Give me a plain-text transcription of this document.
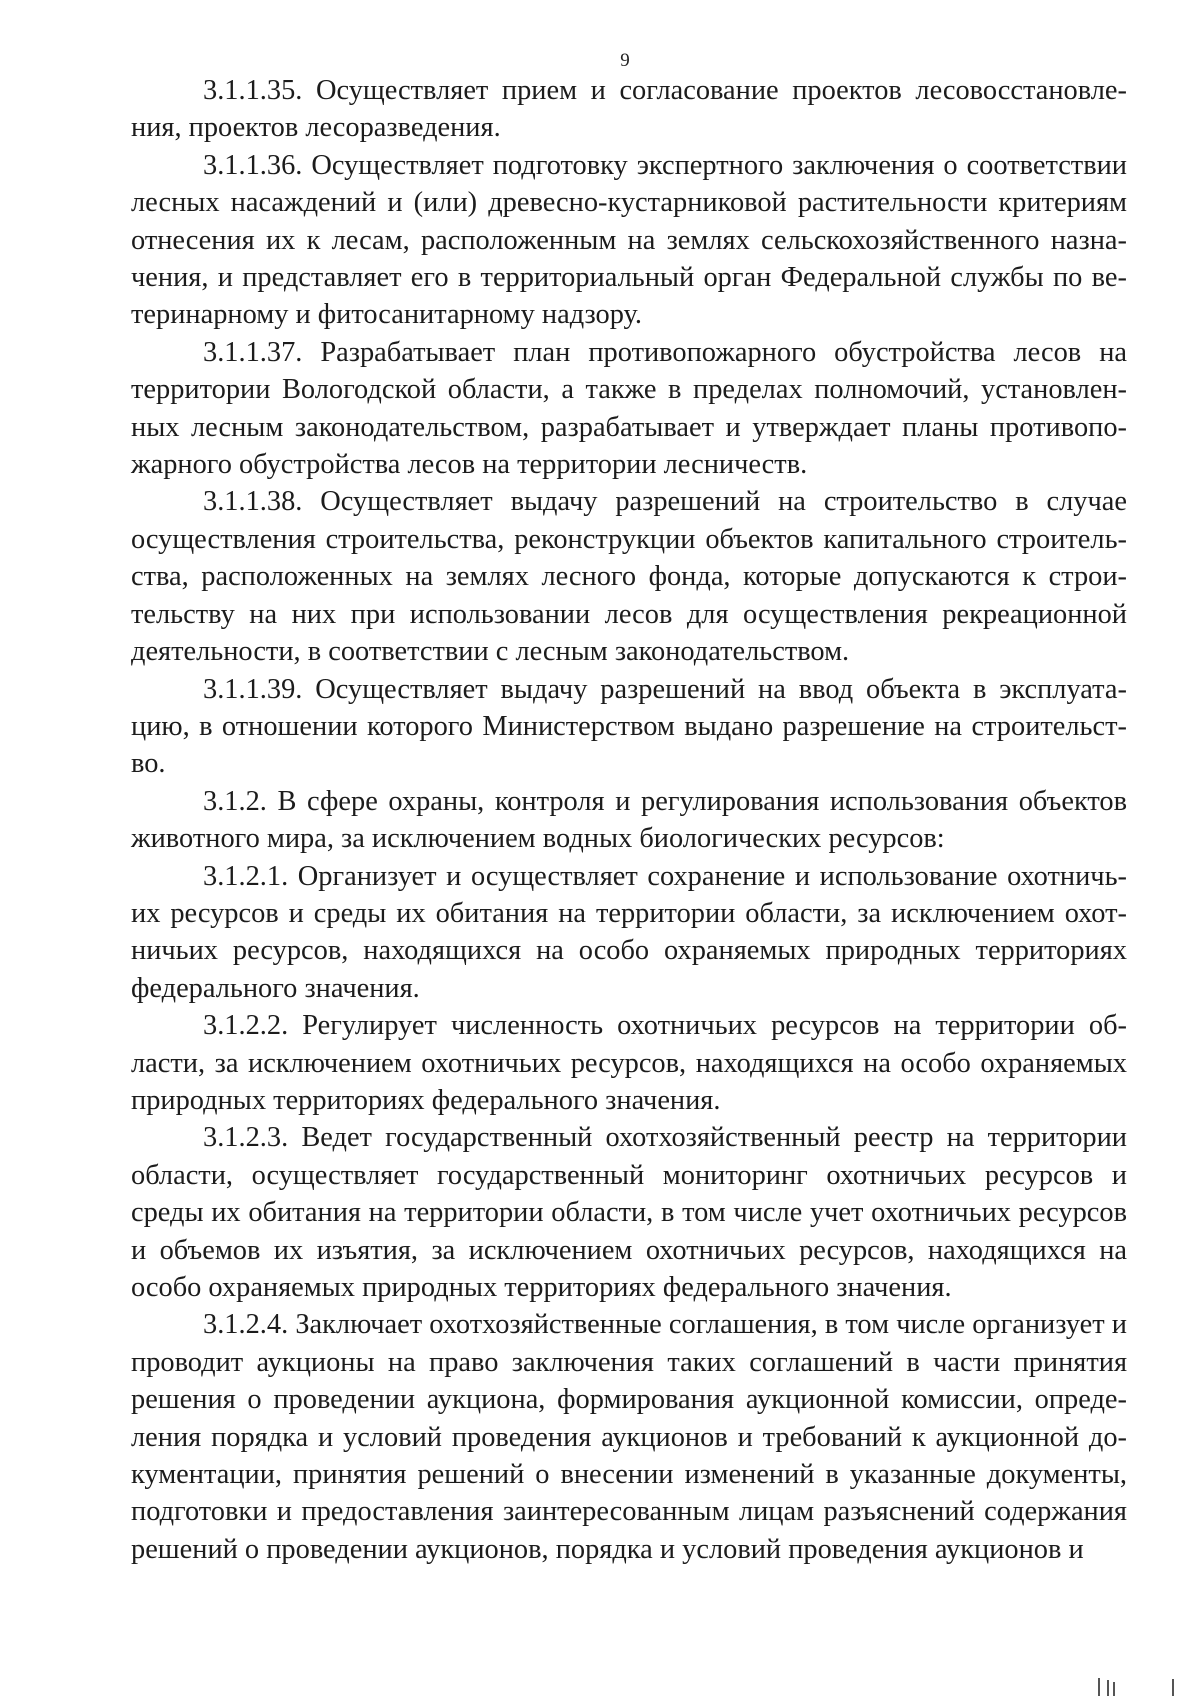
9

3.1.1.35. Осуществляет прием и согласование проектов лесовосстановления, проектов лесоразведения.

3.1.1.36. Осуществляет подготовку экспертного заключения о соответствии лесных насаждений и (или) древесно-кустарниковой растительности критериям отнесения их к лесам, расположенным на землях сельскохозяйственного назначения, и представляет его в территориальный орган Федеральной службы по ветеринарному и фитосанитарному надзору.

3.1.1.37. Разрабатывает план противопожарного обустройства лесов на территории Вологодской области, а также в пределах полномочий, установленных лесным законодательством, разрабатывает и утверждает планы противопожарного обустройства лесов на территории лесничеств.

3.1.1.38. Осуществляет выдачу разрешений на строительство в случае осуществления строительства, реконструкции объектов капитального строительства, расположенных на землях лесного фонда, которые допускаются к строительству на них при использовании лесов для осуществления рекреационной деятельности, в соответствии с лесным законодательством.

3.1.1.39. Осуществляет выдачу разрешений на ввод объекта в эксплуатацию, в отношении которого Министерством выдано разрешение на строительство.

3.1.2. В сфере охраны, контроля и регулирования использования объектов животного мира, за исключением водных биологических ресурсов:

3.1.2.1. Организует и осуществляет сохранение и использование охотничьих ресурсов и среды их обитания на территории области, за исключением охотничьих ресурсов, находящихся на особо охраняемых природных территориях федерального значения.

3.1.2.2. Регулирует численность охотничьих ресурсов на территории области, за исключением охотничьих ресурсов, находящихся на особо охраняемых природных территориях федерального значения.

3.1.2.3. Ведет государственный охотхозяйственный реестр на территории области, осуществляет государственный мониторинг охотничьих ресурсов и среды их обитания на территории области, в том числе учет охотничьих ресурсов и объемов их изъятия, за исключением охотничьих ресурсов, находящихся на особо охраняемых природных территориях федерального значения.

3.1.2.4. Заключает охотхозяйственные соглашения, в том числе организует и проводит аукционы на право заключения таких соглашений в части принятия решения о проведении аукциона, формирования аукционной комиссии, определения порядка и условий проведения аукционов и требований к аукционной документации, принятия решений о внесении изменений в указанные документы, подготовки и предоставления заинтересованным лицам разъяснений содержания решений о проведении аукционов, порядка и условий проведения аукционов и
